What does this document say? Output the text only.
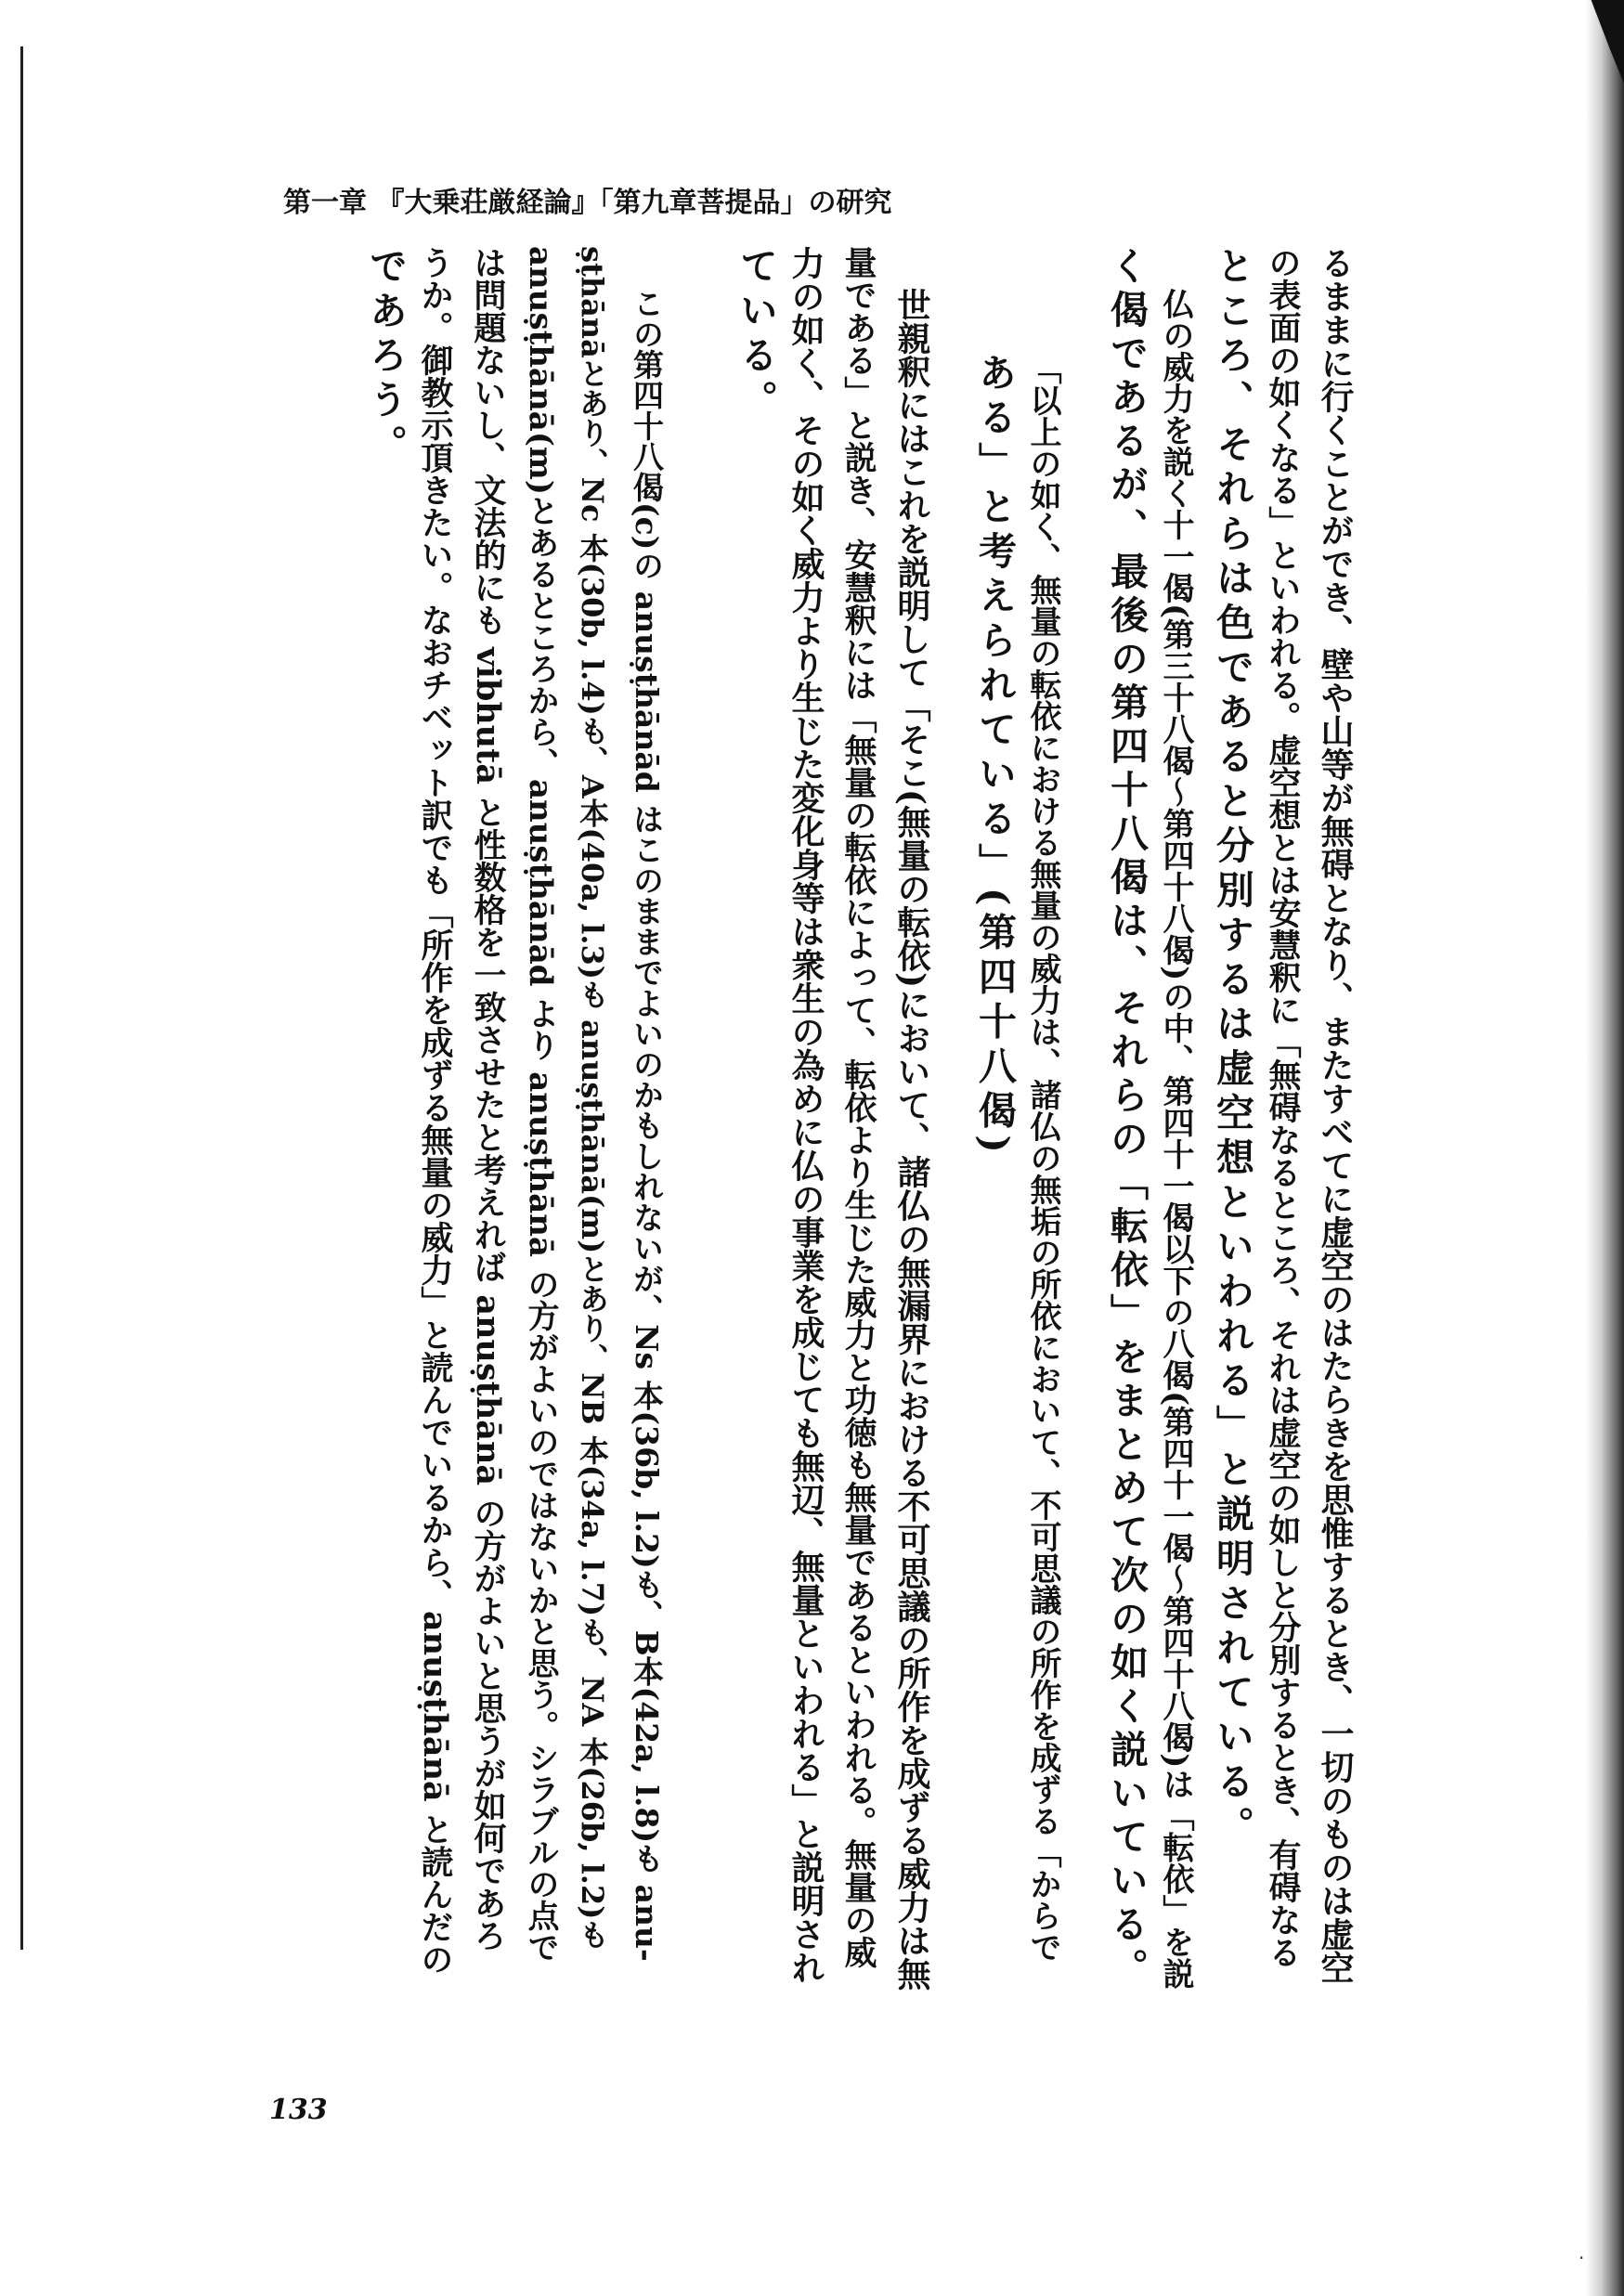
第一章 『大乗荘厳経論』「第九章菩提品」の研究
るままに行くことができ、壁や山等が無碍となり、またすべてに虚空のはたらきを思惟するとき、一切のものは虚空
の表面の如くなる」といわれる。虚空想とは安慧釈に「無碍なるところ、それは虚空の如しと分別するとき、有碍なる
ところ、それらは色であると分別するは虚空想といわれる」と説明されている。
仏の威力を説く十一偈(第三十八偈～第四十八偈)の中、第四十一偈以下の八偈(第四十一偈～第四十八偈)は「転依」を説
く偈であるが、最後の第四十八偈は、それらの「転依」をまとめて次の如く説いている。
「以上の如く、無量の転依における無量の威力は、諸仏の無垢の所依において、不可思議の所作を成ずる「からで
ある」と考えられている」(第四十八偈)
世親釈にはこれを説明して「そこ(無量の転依)において、諸仏の無漏界における不可思議の所作を成ずる威力は無
量である」と説き、安慧釈には「無量の転依によって、転依より生じた威力と功徳も無量であるといわれる。無量の威
力の如く、その如く威力より生じた変化身等は衆生の為めに仏の事業を成じても無辺、無量といわれる」と説明され
ている。
この第四十八偈(c)の anuṣṭhānād はこのままでよいのかもしれないが、Ns 本(36b, l.2)も、B本(42a, l.8)も anu-
ṣṭhānāとあり、Nc 本(30b, l.4)も、A本(40a, l.3)も anuṣṭhānā(m)とあり、NB 本(34a, l.7)も、NA 本(26b, l.2)も
anuṣṭhānā(m)とあるところから、anuṣṭhānād より anuṣṭhānā の方がよいのではないかと思う。シラブルの点で
は問題ないし、文法的にも vibhutā と性数格を一致させたと考えれば anuṣṭhānā の方がよいと思うが如何であろ
うか。御教示頂きたい。なおチベット訳でも「所作を成ずる無量の威力」と読んでいるから、anuṣṭhānā と読んだの
であろう。
133
·
